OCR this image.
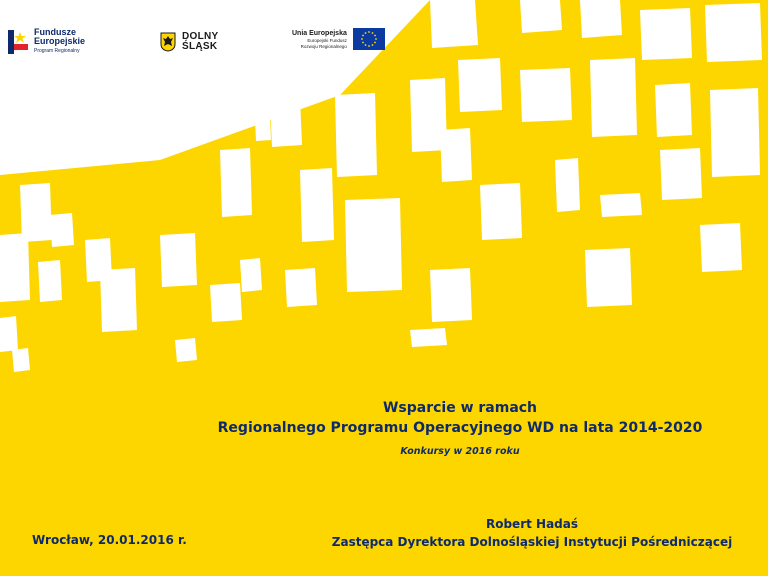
Fundusze
Europejskie
Program Regionalny
DOLNY
ŚLĄSK
Unia Europejska
Europejski Fundusz
Rozwoju Regionalnego

Wsparcie w ramach

Regionalnego Programu Operacyjnego WD na lata 2014-2020

Konkursy w 2016 roku
Wrocław, 20.01.2016 r.
Robert Hadaś
Zastępca Dyrektora Dolnośląskiej Instytucji Pośredniczącej
